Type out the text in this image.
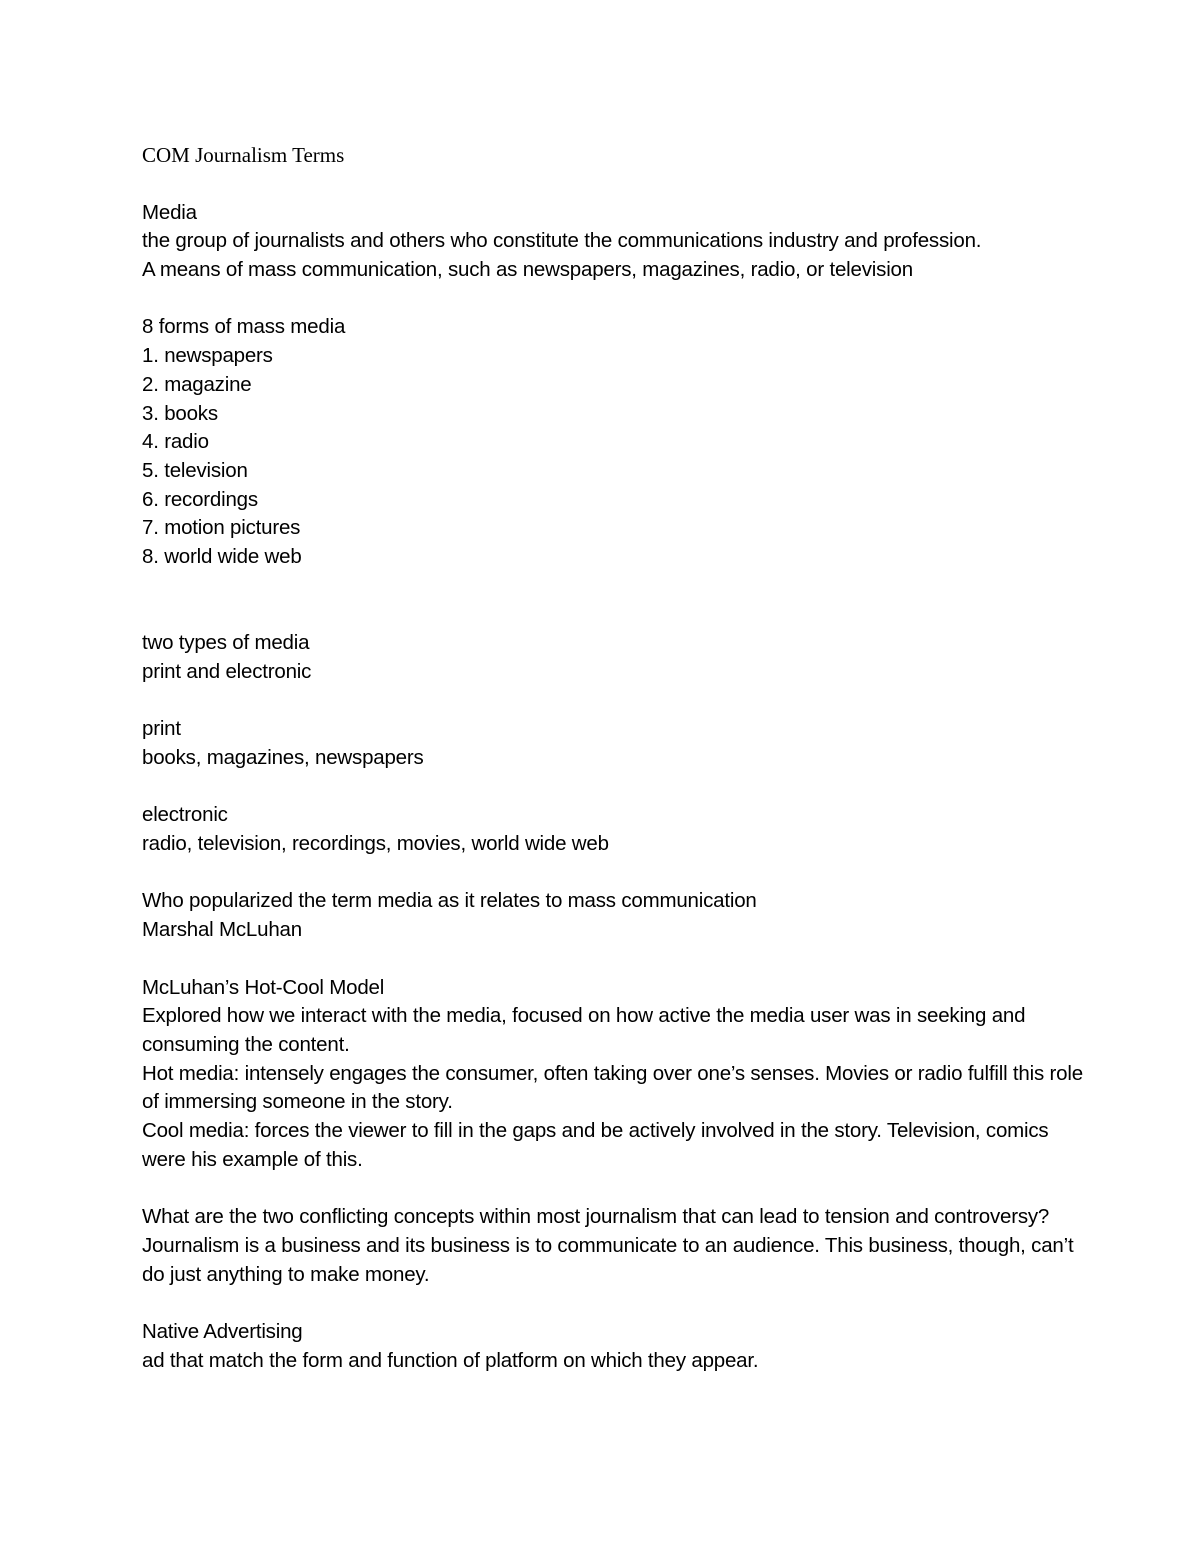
COM Journalism Terms
Media
the group of journalists and others who constitute the communications industry and profession.
A means of mass communication, such as newspapers, magazines, radio, or television
8 forms of mass media
1. newspapers
2. magazine
3. books
4. radio
5. television
6. recordings
7. motion pictures
8. world wide web
two types of media
print and electronic
print
books, magazines, newspapers
electronic
radio, television, recordings, movies, world wide web
Who popularized the term media as it relates to mass communication
Marshal McLuhan
McLuhan’s Hot-Cool Model
Explored how we interact with the media, focused on how active the media user was in seeking and consuming the content.
Hot media: intensely engages the consumer, often taking over one’s senses. Movies or radio fulfill this role of immersing someone in the story.
Cool media: forces the viewer to fill in the gaps and be actively involved in the story. Television, comics were his example of this.
What are the two conflicting concepts within most journalism that can lead to tension and controversy?
Journalism is a business and its business is to communicate to an audience. This business, though, can’t do just anything to make money.
Native Advertising
ad that match the form and function of platform on which they appear.
